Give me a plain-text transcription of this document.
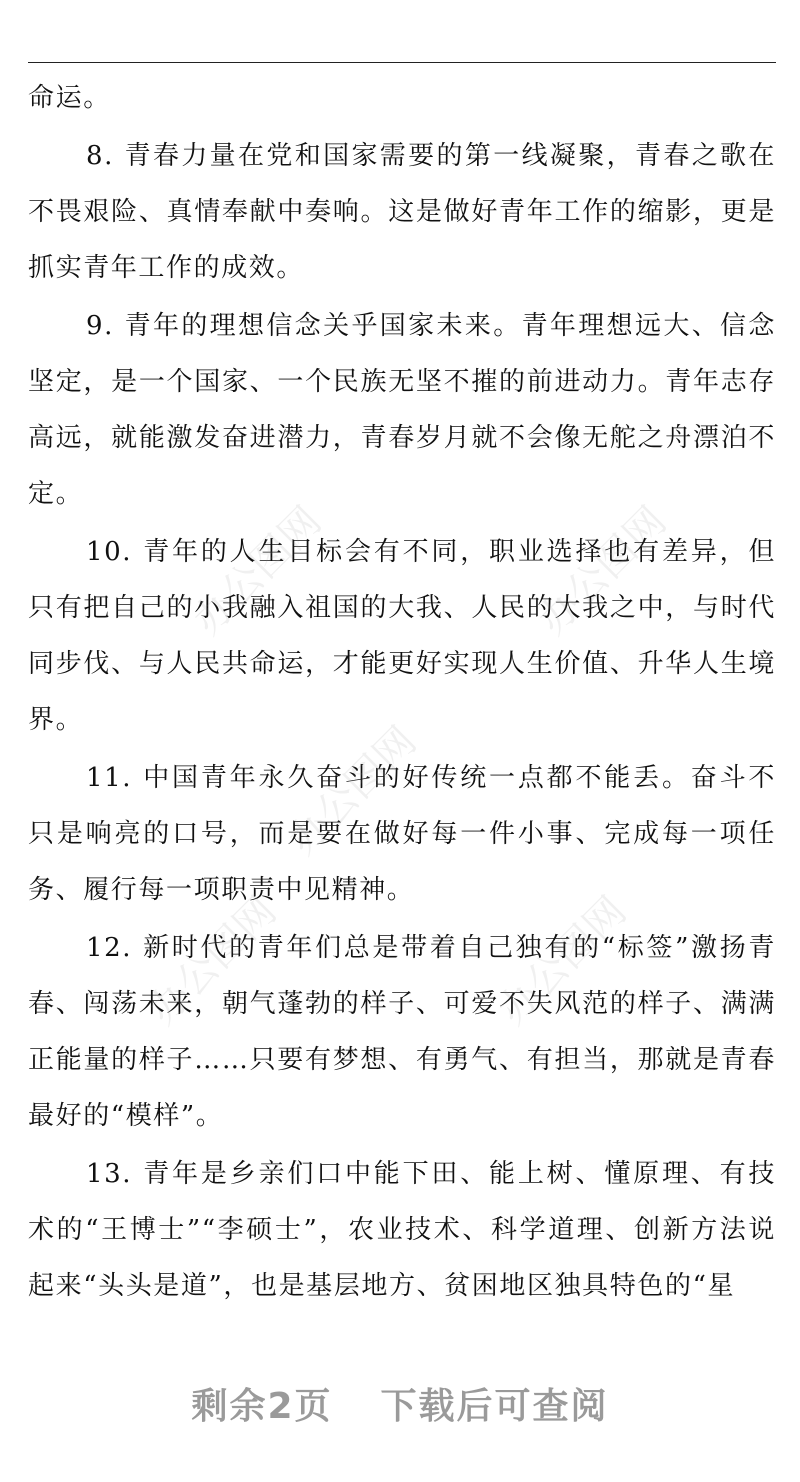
命运。

8. 青春力量在党和国家需要的第一线凝聚，青春之歌在不畏艰险、真情奉献中奏响。这是做好青年工作的缩影，更是抓实青年工作的成效。

9. 青年的理想信念关乎国家未来。青年理想远大、信念坚定，是一个国家、一个民族无坚不摧的前进动力。青年志存高远，就能激发奋进潜力，青春岁月就不会像无舵之舟漂泊不定。

10. 青年的人生目标会有不同，职业选择也有差异，但只有把自己的小我融入祖国的大我、人民的大我之中，与时代同步伐、与人民共命运，才能更好实现人生价值、升华人生境界。

11. 中国青年永久奋斗的好传统一点都不能丢。奋斗不只是响亮的口号，而是要在做好每一件小事、完成每一项任务、履行每一项职责中见精神。

12. 新时代的青年们总是带着自己独有的“标签”激扬青春、闯荡未来，朝气蓬勃的样子、可爱不失风范的样子、满满正能量的样子……只要有梦想、有勇气、有担当，那就是青春最好的“模样”。

13. 青年是乡亲们口中能下田、能上树、懂原理、有技术的“王博士”“李硕士”，农业技术、科学道理、创新方法说起来“头头是道”，也是基层地方、贫困地区独具特色的“星

办公图网	办公图网
办公图网
办公图网	办公图网
剩余2页 下载后可查阅
